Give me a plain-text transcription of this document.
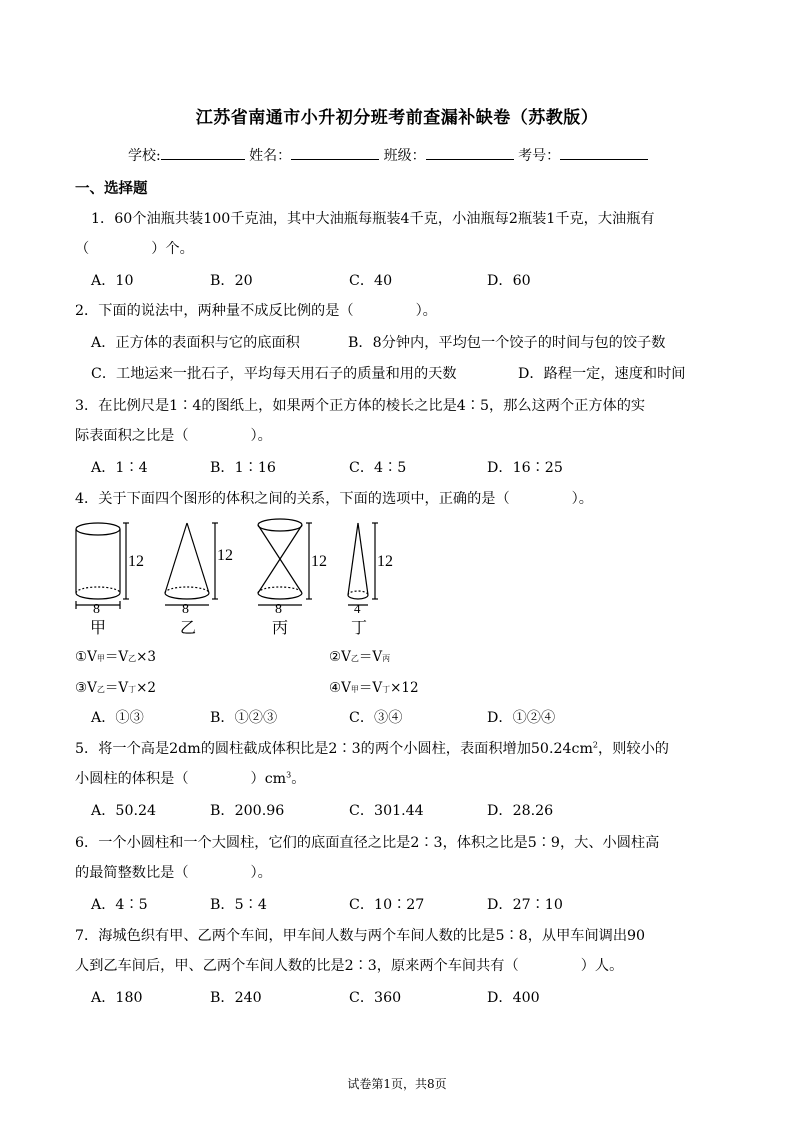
江苏省南通市小升初分班考前查漏补缺卷（苏教版）
学校:	姓名：	班级：	考号：
一、选择题
1．60个油瓶共装100千克油，其中大油瓶每瓶装4千克，小油瓶每2瓶装1千克，大油瓶有
（	）个。
A．10	B．20	C．40	D．60
2．下面的说法中，两种量不成反比例的是（	）。
A．正方体的表面积与它的底面积	B．8分钟内，平均包一个饺子的时间与包的饺子数
C．工地运来一批石子，平均每天用石子的质量和用的天数	D．路程一定，速度和时间
3．在比例尺是1∶4的图纸上，如果两个正方体的棱长之比是4∶5，那么这两个正方体的实
际表面积之比是（	）。
A．1∶4	B．1∶16	C．4∶5	D．16∶25
4．关于下面四个图形的体积之间的关系，下面的选项中，正确的是（	）。
12
8
甲
12
8
乙
12
8
丙
12
4
丁
①V甲＝V乙×3	②V乙＝V丙
③V乙＝V丁×2	④V甲＝V丁×12
A．①③	B．①②③	C．③④	D．①②④
5．将一个高是2dm的圆柱截成体积比是2∶3的两个小圆柱，表面积增加$50.24cm^2$，则较小的
小圆柱的体积是（	）$cm^3$。
A．50.24	B．200.96	C．301.44	D．28.26
6．一个小圆柱和一个大圆柱，它们的底面直径之比是2∶3，体积之比是5∶9，大、小圆柱高
的最简整数比是（	）。
A．4∶5	B．5∶4	C．10∶27	D．27∶10
7．海城色织有甲、乙两个车间，甲车间人数与两个车间人数的比是5∶8，从甲车间调出90
人到乙车间后，甲、乙两个车间人数的比是2∶3，原来两个车间共有（	）人。
A．180	B．240	C．360	D．400
试卷第1页，共8页
